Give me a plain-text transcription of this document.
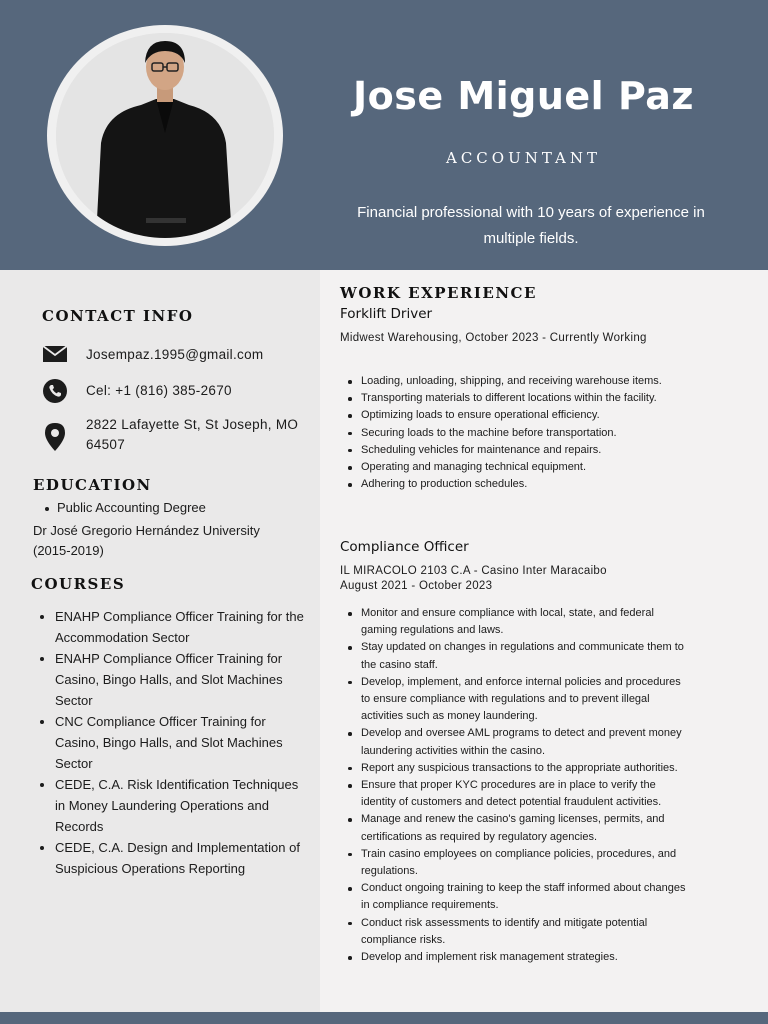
Jose Miguel Paz
ACCOUNTANT
Financial professional with 10 years of experience in multiple fields.
CONTACT INFO
Josempaz.1995@gmail.com
Cel: +1 (816) 385-2670
2822 Lafayette St, St Joseph, MO 64507
EDUCATION
Public Accounting Degree
Dr José Gregorio Hernández University (2015-2019)
COURSES
ENAHP Compliance Officer Training for the Accommodation Sector
ENAHP Compliance Officer Training for Casino, Bingo Halls, and Slot Machines Sector
CNC Compliance Officer Training for Casino, Bingo Halls, and Slot Machines Sector
CEDE, C.A. Risk Identification Techniques in Money Laundering Operations and Records
CEDE, C.A. Design and Implementation of Suspicious Operations Reporting
WORK EXPERIENCE
Forklift Driver
Midwest Warehousing, October 2023 - Currently Working
Loading, unloading, shipping, and receiving warehouse items.
Transporting materials to different locations within the facility.
Optimizing loads to ensure operational efficiency.
Securing loads to the machine before transportation.
Scheduling vehicles for maintenance and repairs.
Operating and managing technical equipment.
Adhering to production schedules.
Compliance Officer
IL MIRACOLO 2103 C.A - Casino Inter Maracaibo
August 2021 - October 2023
Monitor and ensure compliance with local, state, and federal gaming regulations and laws.
Stay updated on changes in regulations and communicate them to the casino staff.
Develop, implement, and enforce internal policies and procedures to ensure compliance with regulations and to prevent illegal activities such as money laundering.
Develop and oversee AML programs to detect and prevent money laundering activities within the casino.
Report any suspicious transactions to the appropriate authorities.
Ensure that proper KYC procedures are in place to verify the identity of customers and detect potential fraudulent activities.
Manage and renew the casino's gaming licenses, permits, and certifications as required by regulatory agencies.
Train casino employees on compliance policies, procedures, and regulations.
Conduct ongoing training to keep the staff informed about changes in compliance requirements.
Conduct risk assessments to identify and mitigate potential compliance risks.
Develop and implement risk management strategies.
